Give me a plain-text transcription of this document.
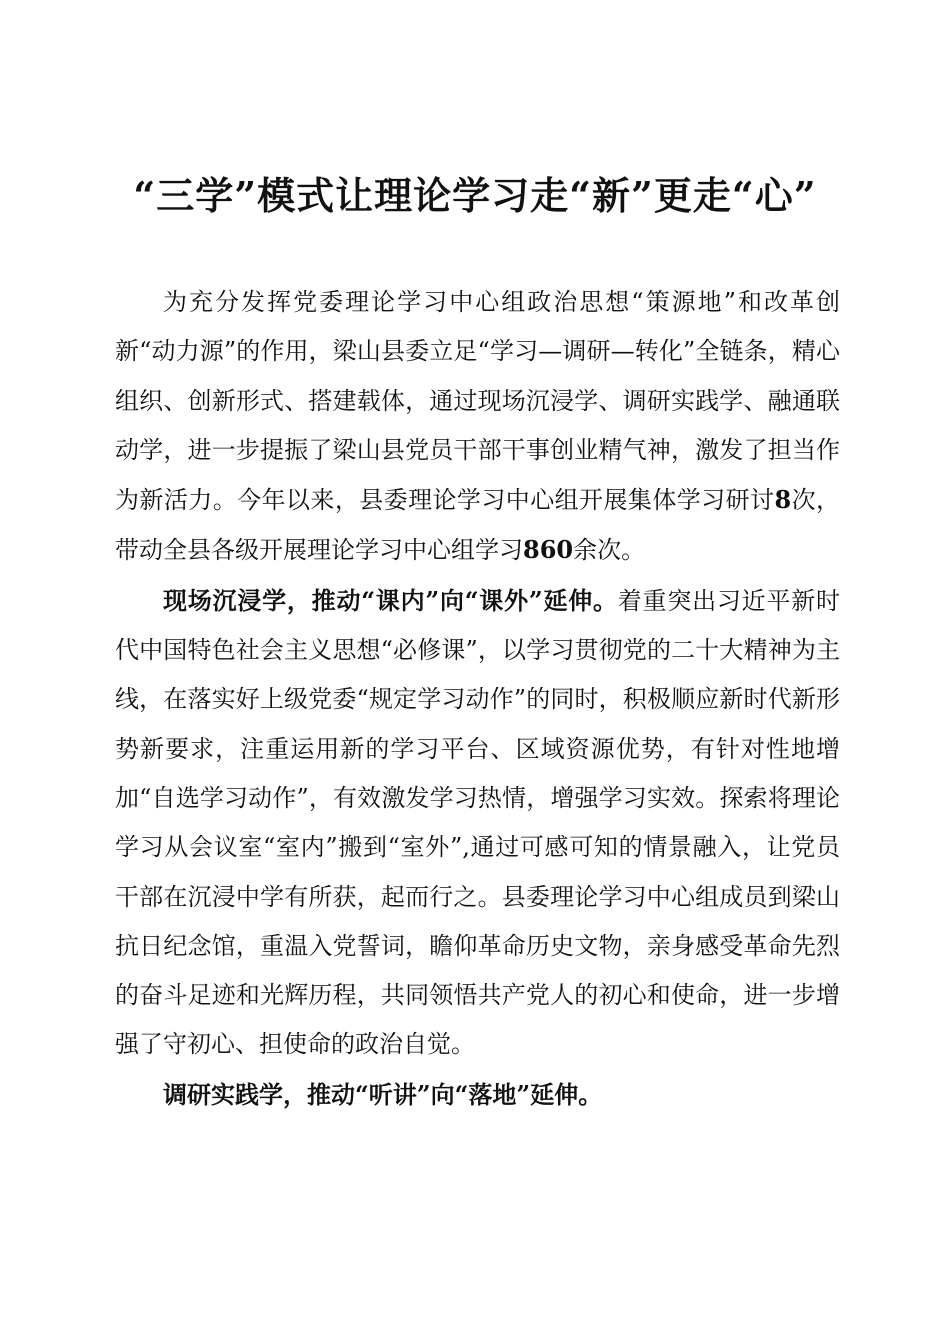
“三学”模式让理论学习走“新”更走“心”

为充分发挥党委理论学习中心组政治思想“策源地”和改革创新“动力源”的作用，梁山县委立足“学习—调研—转化”全链条，精心组织、创新形式、搭建载体，通过现场沉浸学、调研实践学、融通联动学，进一步提振了梁山县党员干部干事创业精气神，激发了担当作为新活力。今年以来，县委理论学习中心组开展集体学习研讨8次，带动全县各级开展理论学习中心组学习860余次。

现场沉浸学，推动“课内”向“课外”延伸。着重突出习近平新时代中国特色社会主义思想“必修课”，以学习贯彻党的二十大精神为主线，在落实好上级党委“规定学习动作”的同时，积极顺应新时代新形势新要求，注重运用新的学习平台、区域资源优势，有针对性地增加“自选学习动作”，有效激发学习热情，增强学习实效。探索将理论学习从会议室“室内”搬到“室外”,通过可感可知的情景融入，让党员干部在沉浸中学有所获，起而行之。县委理论学习中心组成员到梁山抗日纪念馆，重温入党誓词，瞻仰革命历史文物，亲身感受革命先烈的奋斗足迹和光辉历程，共同领悟共产党人的初心和使命，进一步增强了守初心、担使命的政治自觉。

调研实践学，推动“听讲”向“落地”延伸。
